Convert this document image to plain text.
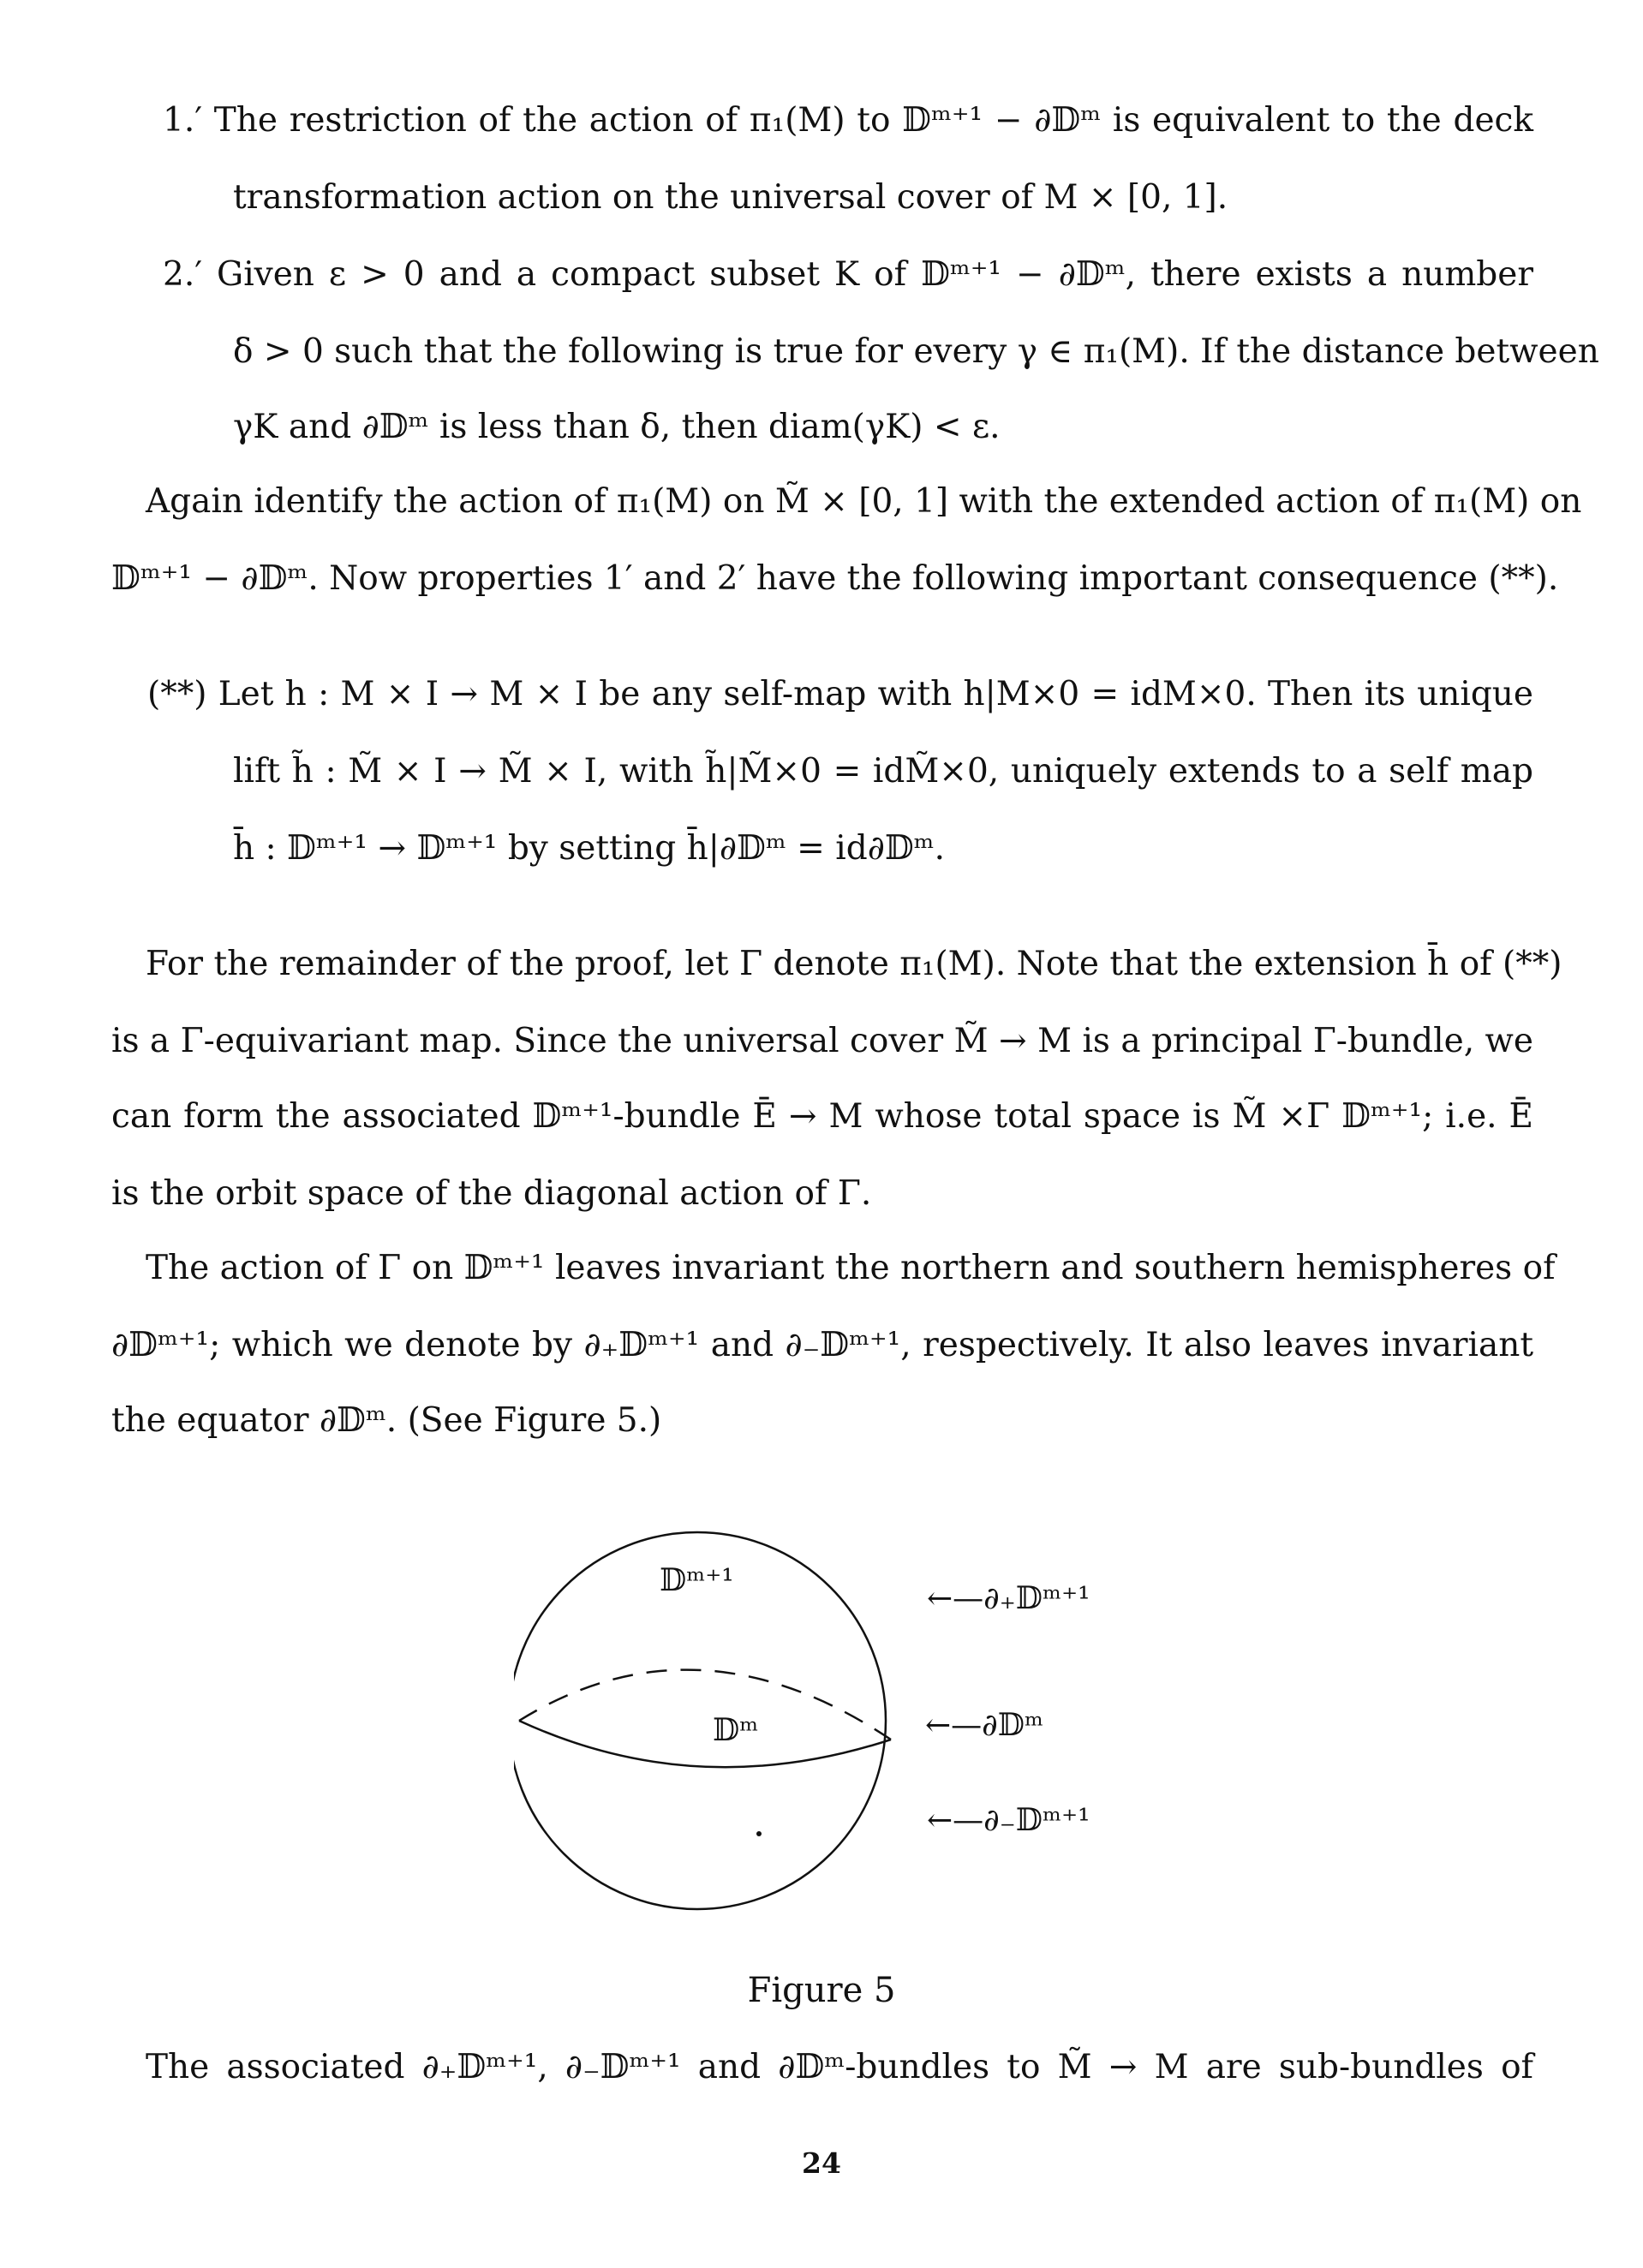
1.′ The restriction of the action of π₁(M) to 𝔻ᵐ⁺¹ − ∂𝔻ᵐ is equivalent to the deck
transformation action on the universal cover of M × [0, 1].
2.′ Given ε > 0 and a compact subset K of 𝔻ᵐ⁺¹ − ∂𝔻ᵐ, there exists a number
δ > 0 such that the following is true for every γ ∈ π₁(M). If the distance between
γK and ∂𝔻ᵐ is less than δ, then diam(γK) < ε.
Again identify the action of π₁(M) on M̃ × [0, 1] with the extended action of π₁(M) on
𝔻ᵐ⁺¹ − ∂𝔻ᵐ. Now properties 1′ and 2′ have the following important consequence (**).
(**) Let h : M × I → M × I be any self-map with h|M×0 = idM×0. Then its unique
lift h̃ : M̃ × I → M̃ × I, with h̃|M̃×0 = idM̃×0, uniquely extends to a self map
h̄ : 𝔻ᵐ⁺¹ → 𝔻ᵐ⁺¹ by setting h̄|∂𝔻ᵐ = id∂𝔻ᵐ.
For the remainder of the proof, let Γ denote π₁(M). Note that the extension h̄ of (**)
is a Γ-equivariant map. Since the universal cover M̃ → M is a principal Γ-bundle, we
can form the associated 𝔻ᵐ⁺¹-bundle Ē → M whose total space is M̃ ×Γ 𝔻ᵐ⁺¹; i.e. Ē
is the orbit space of the diagonal action of Γ.
The action of Γ on 𝔻ᵐ⁺¹ leaves invariant the northern and southern hemispheres of
∂𝔻ᵐ⁺¹; which we denote by ∂₊𝔻ᵐ⁺¹ and ∂₋𝔻ᵐ⁺¹, respectively. It also leaves invariant
the equator ∂𝔻ᵐ. (See Figure 5.)
𝔻ᵐ⁺¹
𝔻ᵐ
←—∂₊𝔻ᵐ⁺¹
←—∂𝔻ᵐ
←—∂₋𝔻ᵐ⁺¹
Figure 5
The associated ∂₊𝔻ᵐ⁺¹, ∂₋𝔻ᵐ⁺¹ and ∂𝔻ᵐ-bundles to M̃ → M are sub-bundles of
24
